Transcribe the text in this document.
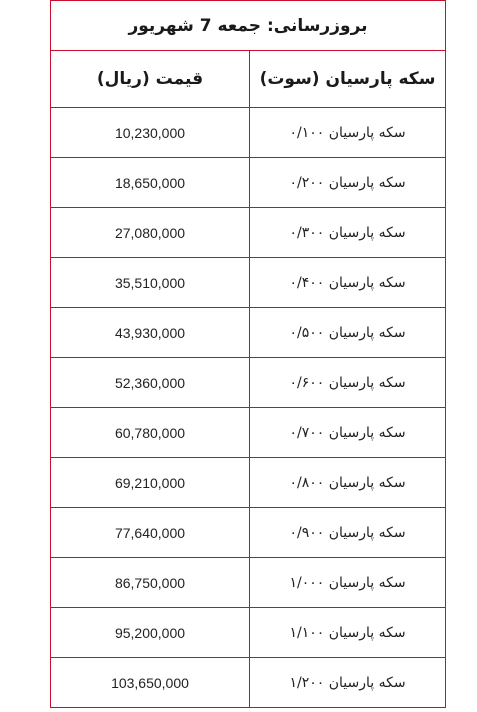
بروزرسانی: جمعه 7 شهریور	
سکه پارسیان (سوت)	قیمت (ریال)
سکه پارسیان ۰/۱۰۰	10,230,000
سکه پارسیان ۰/۲۰۰	18,650,000
سکه پارسیان ۰/۳۰۰	27,080,000
سکه پارسیان ۰/۴۰۰	35,510,000
سکه پارسیان ۰/۵۰۰	43,930,000
سکه پارسیان ۰/۶۰۰	52,360,000
سکه پارسیان ۰/۷۰۰	60,780,000
سکه پارسیان ۰/۸۰۰	69,210,000
سکه پارسیان ۰/۹۰۰	77,640,000
سکه پارسیان ۱/۰۰۰	86,750,000
سکه پارسیان ۱/۱۰۰	95,200,000
سکه پارسیان ۱/۲۰۰	103,650,000
